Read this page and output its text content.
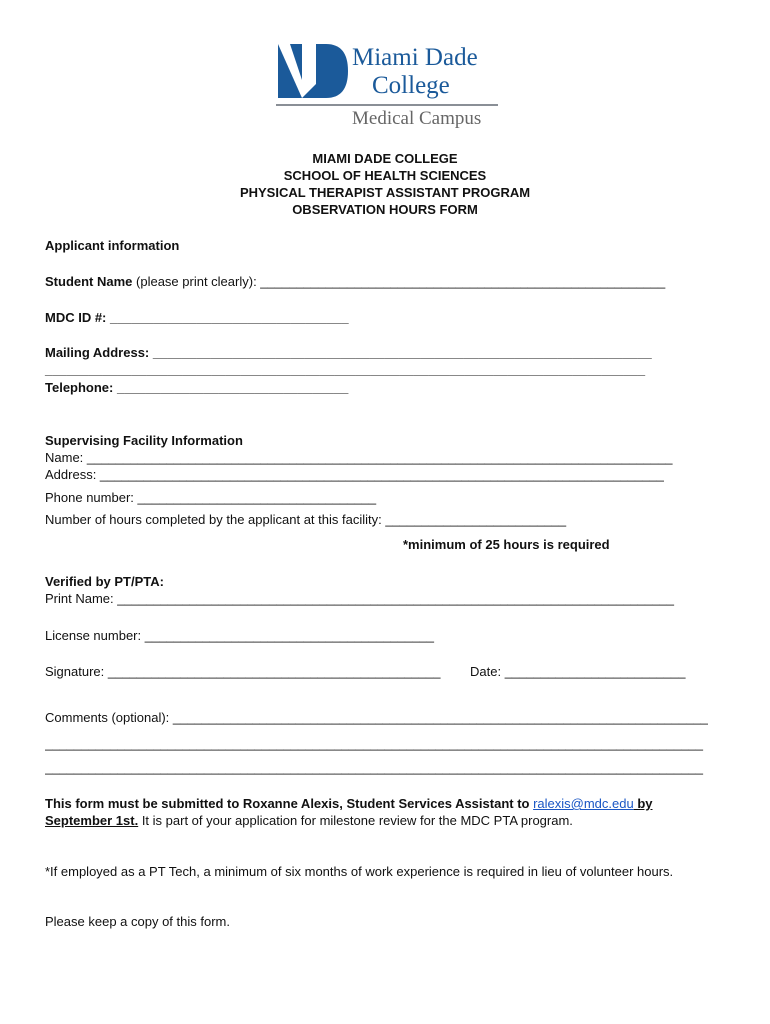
Miami Dade
College
Medical Campus
MIAMI DADE COLLEGE
SCHOOL OF HEALTH SCIENCES
PHYSICAL THERAPIST ASSISTANT PROGRAM
OBSERVATION HOURS FORM
Applicant information
Student Name (please print clearly): ________________________________________________________
MDC ID #: _________________________________
Mailing Address: _____________________________________________________________________
___________________________________________________________________________________
Telephone: ________________________________
Supervising Facility Information
Name: _________________________________________________________________________________
Address: ______________________________________________________________________________
Phone number: _________________________________
Number of hours completed by the applicant at this facility: _________________________
*minimum of 25 hours is required
Verified by PT/PTA:
Print Name: _____________________________________________________________________________
License number: ________________________________________
Signature: ______________________________________________ Date: _________________________
Comments (optional): __________________________________________________________________________
___________________________________________________________________________________________
___________________________________________________________________________________________
This form must be submitted to Roxanne Alexis, Student Services Assistant to ralexis@mdc.edu by
September 1st. It is part of your application for milestone review for the MDC PTA program.
*If employed as a PT Tech, a minimum of six months of work experience is required in lieu of volunteer hours.
Please keep a copy of this form.
